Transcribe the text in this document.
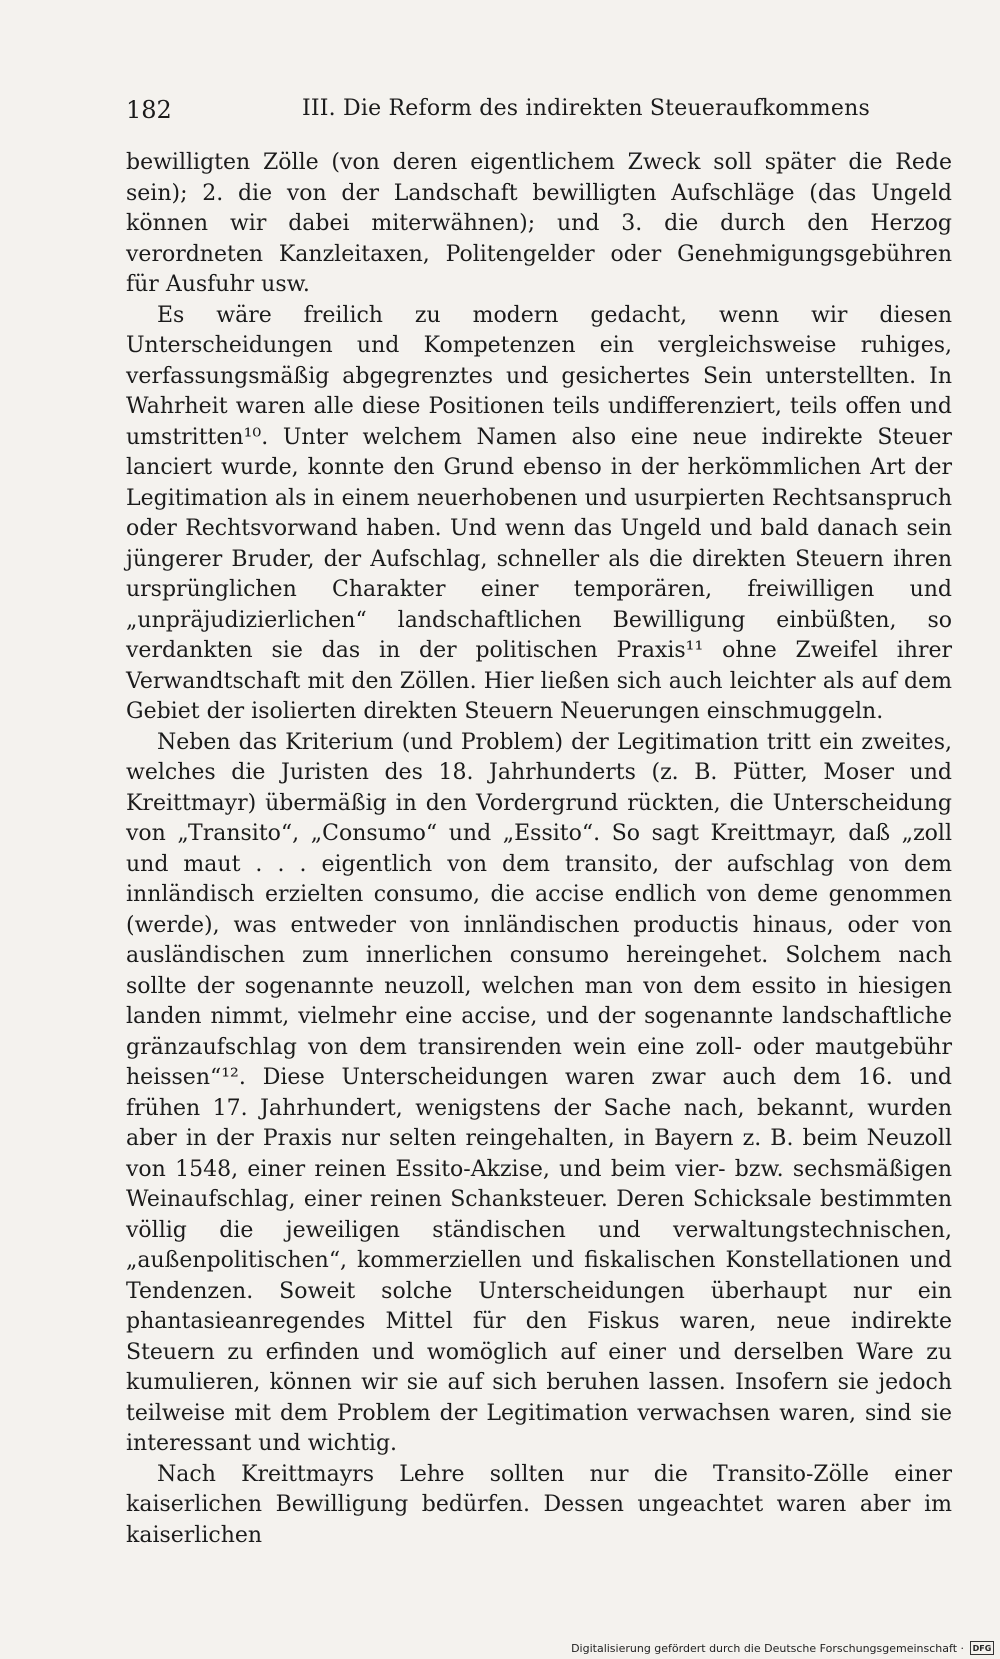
182	III. Die Reform des indirekten Steueraufkommens

bewilligten Zölle (von deren eigentlichem Zweck soll später die Rede sein); 2. die von der Landschaft bewilligten Aufschläge (das Ungeld können wir dabei miterwähnen); und 3. die durch den Herzog verordneten Kanzleitaxen, Politengelder oder Genehmigungsgebühren für Ausfuhr usw.

Es wäre freilich zu modern gedacht, wenn wir diesen Unterscheidungen und Kompetenzen ein vergleichsweise ruhiges, verfassungsmäßig abgegrenztes und gesichertes Sein unterstellten. In Wahrheit waren alle diese Positionen teils undifferenziert, teils offen und umstritten¹⁰. Unter welchem Namen also eine neue indirekte Steuer lanciert wurde, konnte den Grund ebenso in der herkömmlichen Art der Legitimation als in einem neuerhobenen und usurpierten Rechtsanspruch oder Rechtsvorwand haben. Und wenn das Ungeld und bald danach sein jüngerer Bruder, der Aufschlag, schneller als die direkten Steuern ihren ursprünglichen Charakter einer temporären, freiwilligen und „unpräjudizierlichen“ landschaftlichen Bewilligung einbüßten, so verdankten sie das in der politischen Praxis¹¹ ohne Zweifel ihrer Verwandtschaft mit den Zöllen. Hier ließen sich auch leichter als auf dem Gebiet der isolierten direkten Steuern Neuerungen einschmuggeln.

Neben das Kriterium (und Problem) der Legitimation tritt ein zweites, welches die Juristen des 18. Jahrhunderts (z. B. Pütter, Moser und Kreittmayr) übermäßig in den Vordergrund rückten, die Unterscheidung von „Transito“, „Consumo“ und „Essito“. So sagt Kreittmayr, daß „zoll und maut . . . eigentlich von dem transito, der aufschlag von dem innländisch erzielten consumo, die accise endlich von deme genommen (werde), was entweder von innländischen productis hinaus, oder von ausländischen zum innerlichen consumo hereingehet. Solchem nach sollte der sogenannte neuzoll, welchen man von dem essito in hiesigen landen nimmt, vielmehr eine accise, und der sogenannte landschaftliche gränzaufschlag von dem transirenden wein eine zoll- oder mautgebühr heissen“¹². Diese Unterscheidungen waren zwar auch dem 16. und frühen 17. Jahrhundert, wenigstens der Sache nach, bekannt, wurden aber in der Praxis nur selten reingehalten, in Bayern z. B. beim Neuzoll von 1548, einer reinen Essito-Akzise, und beim vier- bzw. sechsmäßigen Weinaufschlag, einer reinen Schanksteuer. Deren Schicksale bestimmten völlig die jeweiligen ständischen und verwaltungstechnischen, „außenpolitischen“, kommerziellen und fiskalischen Konstellationen und Tendenzen. Soweit solche Unterscheidungen überhaupt nur ein phantasieanregendes Mittel für den Fiskus waren, neue indirekte Steuern zu erfinden und womöglich auf einer und derselben Ware zu kumulieren, können wir sie auf sich beruhen lassen. Insofern sie jedoch teilweise mit dem Problem der Legitimation verwachsen waren, sind sie interessant und wichtig.

Nach Kreittmayrs Lehre sollten nur die Transito-Zölle einer kaiserlichen Bewilligung bedürfen. Dessen ungeachtet waren aber im kaiserlichen

Digitalisierung gefördert durch die Deutsche Forschungsgemeinschaft ·	DFG
